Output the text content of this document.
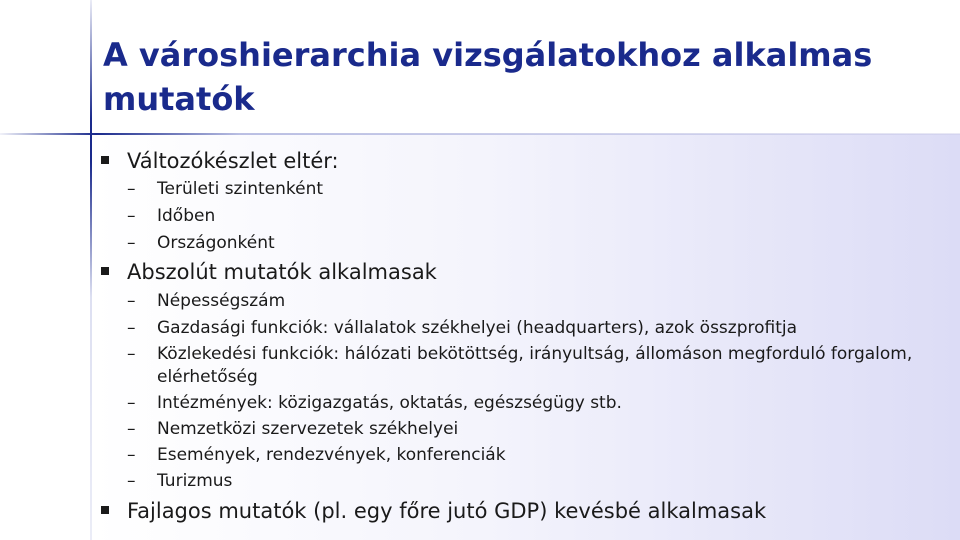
A városhierarchia vizsgálatokhoz alkalmas mutatók
Változókészlet eltér:
– Területi szintenként
– Időben
– Országonként
Abszolút mutatók alkalmasak
– Népességszám
– Gazdasági funkciók: vállalatok székhelyei (headquarters), azok összprofitja
– Közlekedési funkciók: hálózati bekötöttség, irányultság, állomáson megforduló forgalom, elérhetőség
– Intézmények: közigazgatás, oktatás, egészségügy stb.
– Nemzetközi szervezetek székhelyei
– Események, rendezvények, konferenciák
– Turizmus
Fajlagos mutatók (pl. egy főre jutó GDP) kevésbé alkalmasak
